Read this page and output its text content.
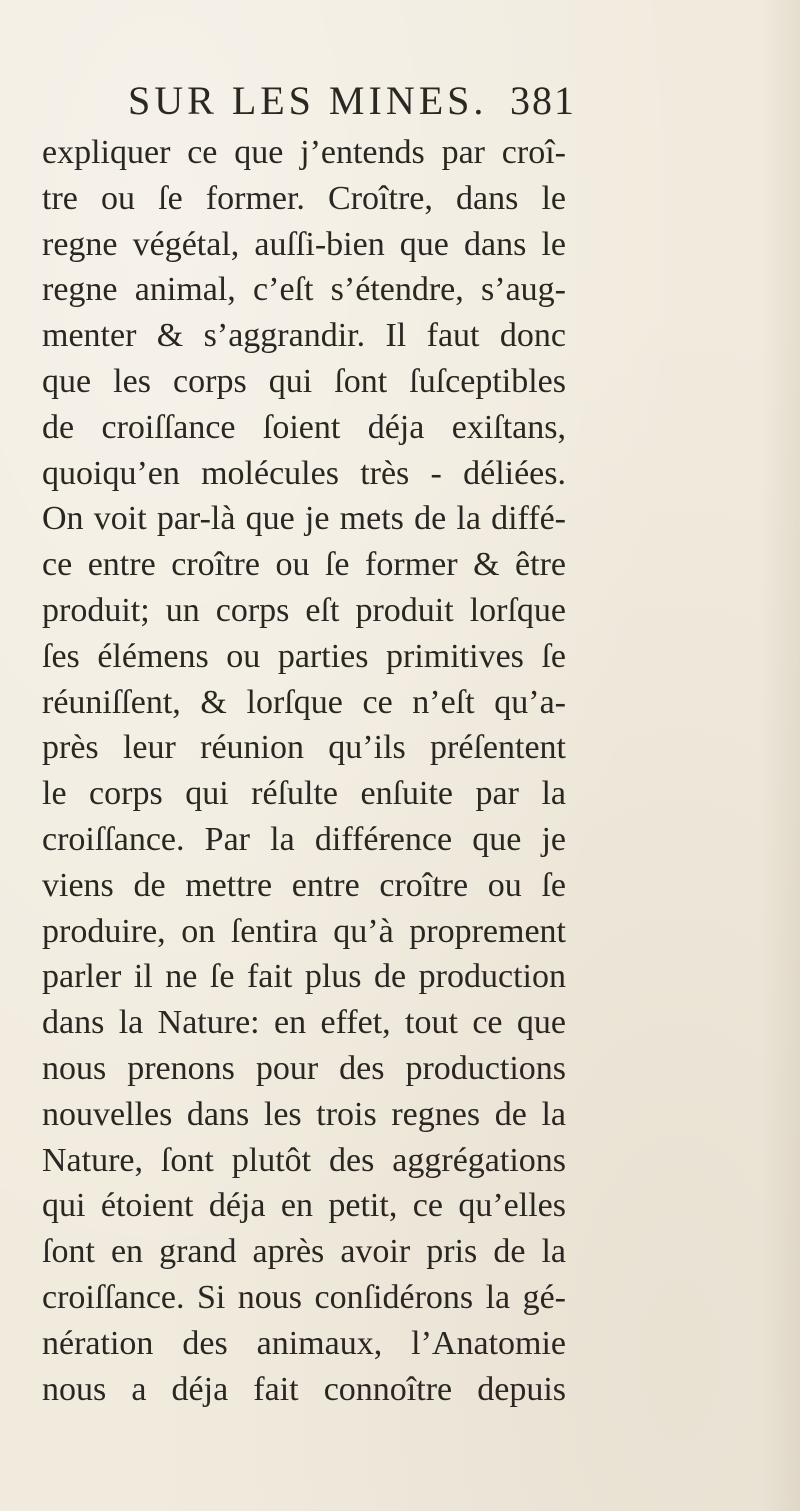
SUR LES MINES. 381
expliquer ce que j’entends par croî-
tre ou ſe former. Croître, dans le
regne végétal, auſſi-bien que dans le
regne animal, c’eſt s’étendre, s’aug-
menter & s’aggrandir. Il faut donc
que les corps qui ſont ſuſceptibles
de croiſſance ſoient déja exiſtans,
quoiqu’en molécules très - déliées.
On voit par-là que je mets de la diffé-
ce entre croître ou ſe former & être
produit; un corps eſt produit lorſque
ſes élémens ou parties primitives ſe
réuniſſent, & lorſque ce n’eſt qu’a-
près leur réunion qu’ils préſentent
le corps qui réſulte enſuite par la
croiſſance. Par la différence que je
viens de mettre entre croître ou ſe
produire, on ſentira qu’à proprement
parler il ne ſe fait plus de production
dans la Nature: en effet, tout ce que
nous prenons pour des productions
nouvelles dans les trois regnes de la
Nature, ſont plutôt des aggrégations
qui étoient déja en petit, ce qu’elles
ſont en grand après avoir pris de la
croiſſance. Si nous conſidérons la gé-
nération des animaux, l’Anatomie
nous a déja fait connoître depuis
